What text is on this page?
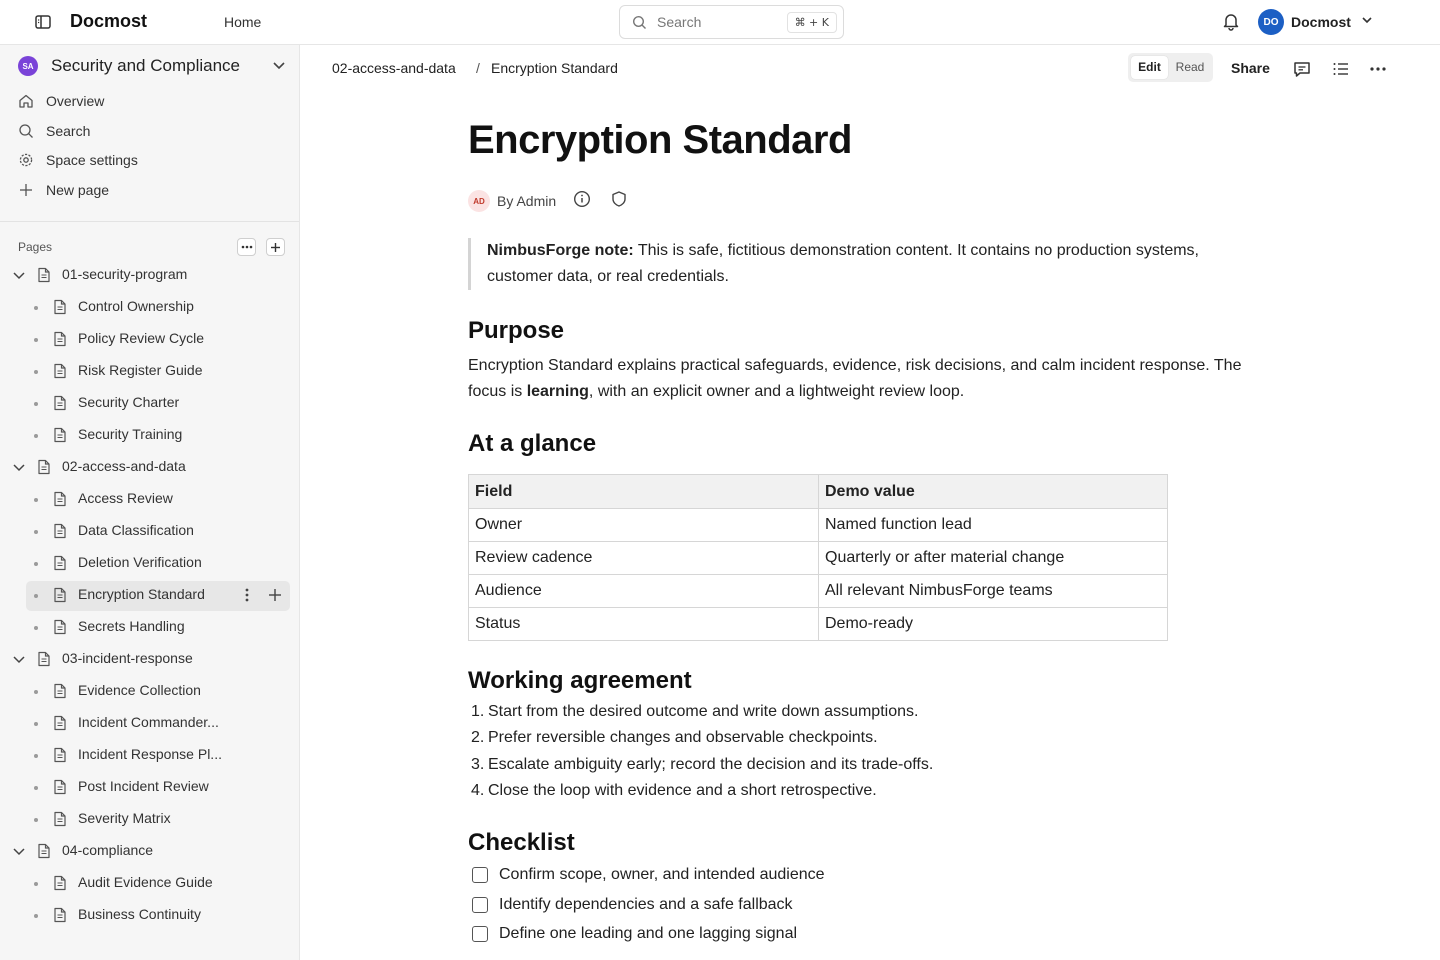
Docmost	Home	Search	⌘ + K	DO Docmost
SA Security and Compliance
Overview
Search
Space settings
New page
Pages
01-security-program
Control Ownership
Policy Review Cycle
Risk Register Guide
Security Charter
Security Training
02-access-and-data
Access Review
Data Classification
Deletion Verification
Encryption Standard
Secrets Handling
03-incident-response
Evidence Collection
Incident Commander...
Incident Response Pl...
Post Incident Review
Severity Matrix
04-compliance
Audit Evidence Guide
Business Continuity
02-access-and-data / Encryption Standard	Edit	Read Share
Encryption Standard
AD By Admin
NimbusForge note: This is safe, fictitious demonstration content. It contains no production systems, customer data, or real credentials.
Purpose

Encryption Standard explains practical safeguards, evidence, risk decisions, and calm incident response. The focus is learning, with an explicit owner and a lightweight review loop.

At a glance
Field	Demo value
Owner	Named function lead
Review cadence	Quarterly or after material change
Audience	All relevant NimbusForge teams
Status	Demo-ready
Working agreement
1. Start from the desired outcome and write down assumptions.
2. Prefer reversible changes and observable checkpoints.
3. Escalate ambiguity early; record the decision and its trade-offs.
4. Close the loop with evidence and a short retrospective.
Checklist
Confirm scope, owner, and intended audience
Identify dependencies and a safe fallback
Define one leading and one lagging signal
